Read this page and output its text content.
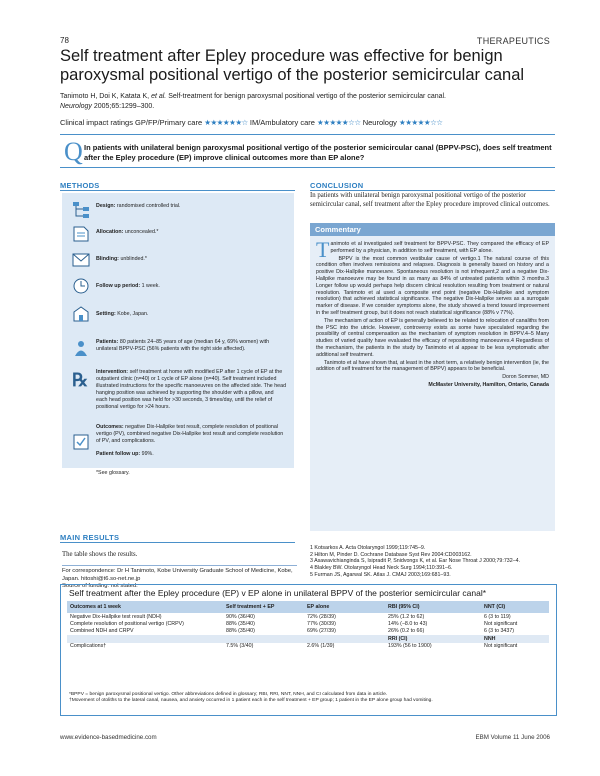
78	THERAPEUTICS
Self treatment after Epley procedure was effective for benign paroxysmal positional vertigo of the posterior semicircular canal
Tanimoto H, Doi K, Katata K, et al. Self-treatment for benign paroxysmal positional vertigo of the posterior semicircular canal.
Neurology 2005;65:1299–300.
Clinical impact ratings GP/FP/Primary care ★★★★★★☆ IM/Ambulatory care ★★★★★☆☆ Neurology ★★★★★☆☆
Q In patients with unilateral benign paroxysmal positional vertigo of the posterior semicircular canal (BPPV-PSC), does self treatment after the Epley procedure (EP) improve clinical outcomes more than EP alone?
METHODS
Design: randomised controlled trial.
Allocation: unconcealed.*
Blinding: unblinded.*
Follow up period: 1 week.
Setting: Kobe, Japan.
Patients: 80 patients 24–85 years of age (median 64 y, 69% women) with unilateral BPPV-PSC (56% patients with the right side affected).
℞	Intervention: self treatment at home with modified EP after 1 cycle of EP at the outpatient clinic (n=40) or 1 cycle of EP alone (n=40). Self treatment included illustrated instructions for the specific manoeuvres on the affected side. The head hanging position was achieved by supporting the shoulder with a pillow, and each head position was held for >30 seconds, 3 times/day, until the relief of positional vertigo for >24 hours.
Outcomes: negative Dix-Hallpike test result, complete resolution of positional vertigo (PV), combined negative Dix-Hallpike test result and complete resolution of PV, and complications.
Patient follow up: 99%.
*See glossary.
MAIN RESULTS
The table shows the results.
For correspondence: Dr H Tanimoto, Kobe University Graduate School of Medicine, Kobe, Japan. hitoshi@t6.so-net.ne.jp
Source of funding: not stated.
CONCLUSION
In patients with unilateral benign paroxysmal positional vertigo of the posterior semicircular canal, self treatment after the Epley procedure improved clinical outcomes.
Commentary

Tanimoto et al investigated self treatment for BPPV-PSC. They compared the efficacy of EP performed by a physician, in addition to self treatment, with EP alone.

BPPV is the most common vestibular cause of vertigo.1 The natural course of this condition often involves remissions and relapses. Diagnosis is generally based on history and a positive Dix-Hallpike manoeuvre. Spontaneous resolution is not infrequent,2 and a negative Dix-Hallpike manoeuvre may be found in as many as 84% of untreated patients within 3 months.3 Longer follow up would perhaps help discern clinical resolution resulting from treatment or natural resolution. Tanimoto et al used a composite end point (negative Dix-Hallpike and symptom resolution) that achieved statistical significance. The negative Dix-Hallpike serves as a surrogate marker of disease. If we consider symptoms alone, the study showed a trend toward improvement in the self treatment group, but it does not reach statistical significance (88% v 77%).

The mechanism of action of EP is generally believed to be related to relocation of canaliths from the PSC into the utricle. However, controversy exists as some have speculated regarding the possibility of central compensation as the mechanism of symptom resolution in BPPV.4–5 Many studies of varied quality have evaluated the efficacy of repositioning manoeuvres.4 Regardless of the mechanism, the patients in the study by Tanimoto et al appear to be less symptomatic after additional self treatment.

Tanimoto et al have shown that, at least in the short term, a relatively benign intervention (ie, the addition of self treatment for the management of BPPV) appears to be beneficial.

Doron Sommer, MD

McMaster University, Hamilton, Ontario, Canada

1 Kotsarkos A. Acta Otolaryngol 1999;119:745–9.
2 Hilton M, Pinder D. Cochrane Database Syst Rev 2004:CD003162.
3 Asawavichianginda S, Isipradit P, Snidvongs K, et al. Ear Nose Throat J 2000;79:732–4.
4 Blakley BW. Otolaryngol Head Neck Surg 1994;110:391–6.
5 Furman JS, Agarwal SK. Atlas J. CMAJ 2003;169:681–93.
Self treatment after the Epley procedure (EP) v EP alone in unilateral BPPV of the posterior semicircular canal*
Outcomes at 1 week	Self treatment + EP	EP alone	RBI (95% CI)	NNT (CI)
Negative Dix-Hallpike test result (NDH)	90% (36/40)	72% (28/39)	25% (1.2 to 62)	6 (3 to 119)
Complete resolution of positional vertigo (CRPV)	88% (35/40)	77% (30/39)	14% (−8.0 to 43)	Not significant
Combined NDH and CRPV	88% (35/40)	69% (27/39)	26% (0.2 to 66)	6 (3 to 3437)
			RRI (CI)	NNH
Complications†	7.5% (3/40)	2.6% (1/39)	193% (56 to 1900)	Not significant
*BPPV = benign paroxysmal positional vertigo. Other abbreviations defined in glossary; RBI, RRI, NNT, NNH, and CI calculated from data in article.
†Movement of otoliths to the lateral canal, nausea, and anxiety occurred in 1 patient each in the self treatment + EP group; 1 patient in the EP alone group had vomiting.
www.evidence-basedmedicine.com	EBM Volume 11 June 2006
